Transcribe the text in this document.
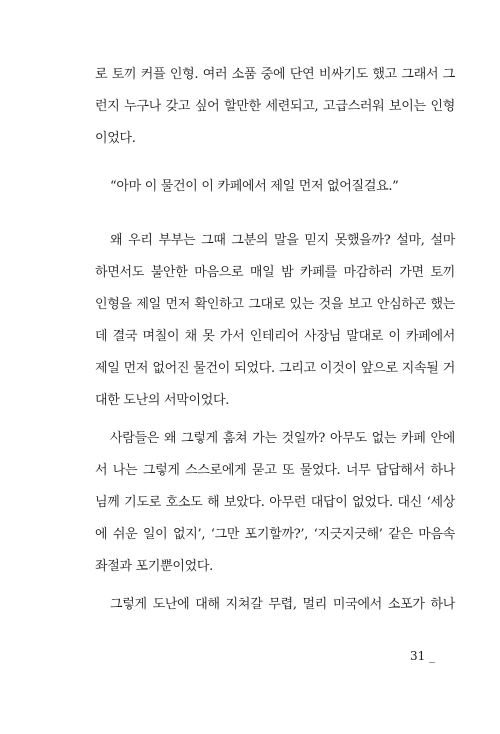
로 토끼 커플 인형. 여러 소품 중에 단연 비싸기도 했고 그래서 그
런지 누구나 갖고 싶어 할만한 세련되고, 고급스러워 보이는 인형
이었다.
“아마 이 물건이 이 카페에서 제일 먼저 없어질걸요.”
왜 우리 부부는 그때 그분의 말을 믿지 못했을까? 설마, 설마
하면서도 불안한 마음으로 매일 밤 카페를 마감하러 가면 토끼
인형을 제일 먼저 확인하고 그대로 있는 것을 보고 안심하곤 했는
데 결국 며칠이 채 못 가서 인테리어 사장님 말대로 이 카페에서
제일 먼저 없어진 물건이 되었다. 그리고 이것이 앞으로 지속될 거
대한 도난의 서막이었다.
사람들은 왜 그렇게 훔쳐 가는 것일까? 아무도 없는 카페 안에
서 나는 그렇게 스스로에게 묻고 또 물었다. 너무 답답해서 하나
님께 기도로 호소도 해 보았다. 아무런 대답이 없었다. 대신 ‘세상
에 쉬운 일이 없지’, ‘그만 포기할까?’, ‘지긋지긋해’ 같은 마음속
좌절과 포기뿐이었다.
그렇게 도난에 대해 지쳐갈 무렵, 멀리 미국에서 소포가 하나
31 _
